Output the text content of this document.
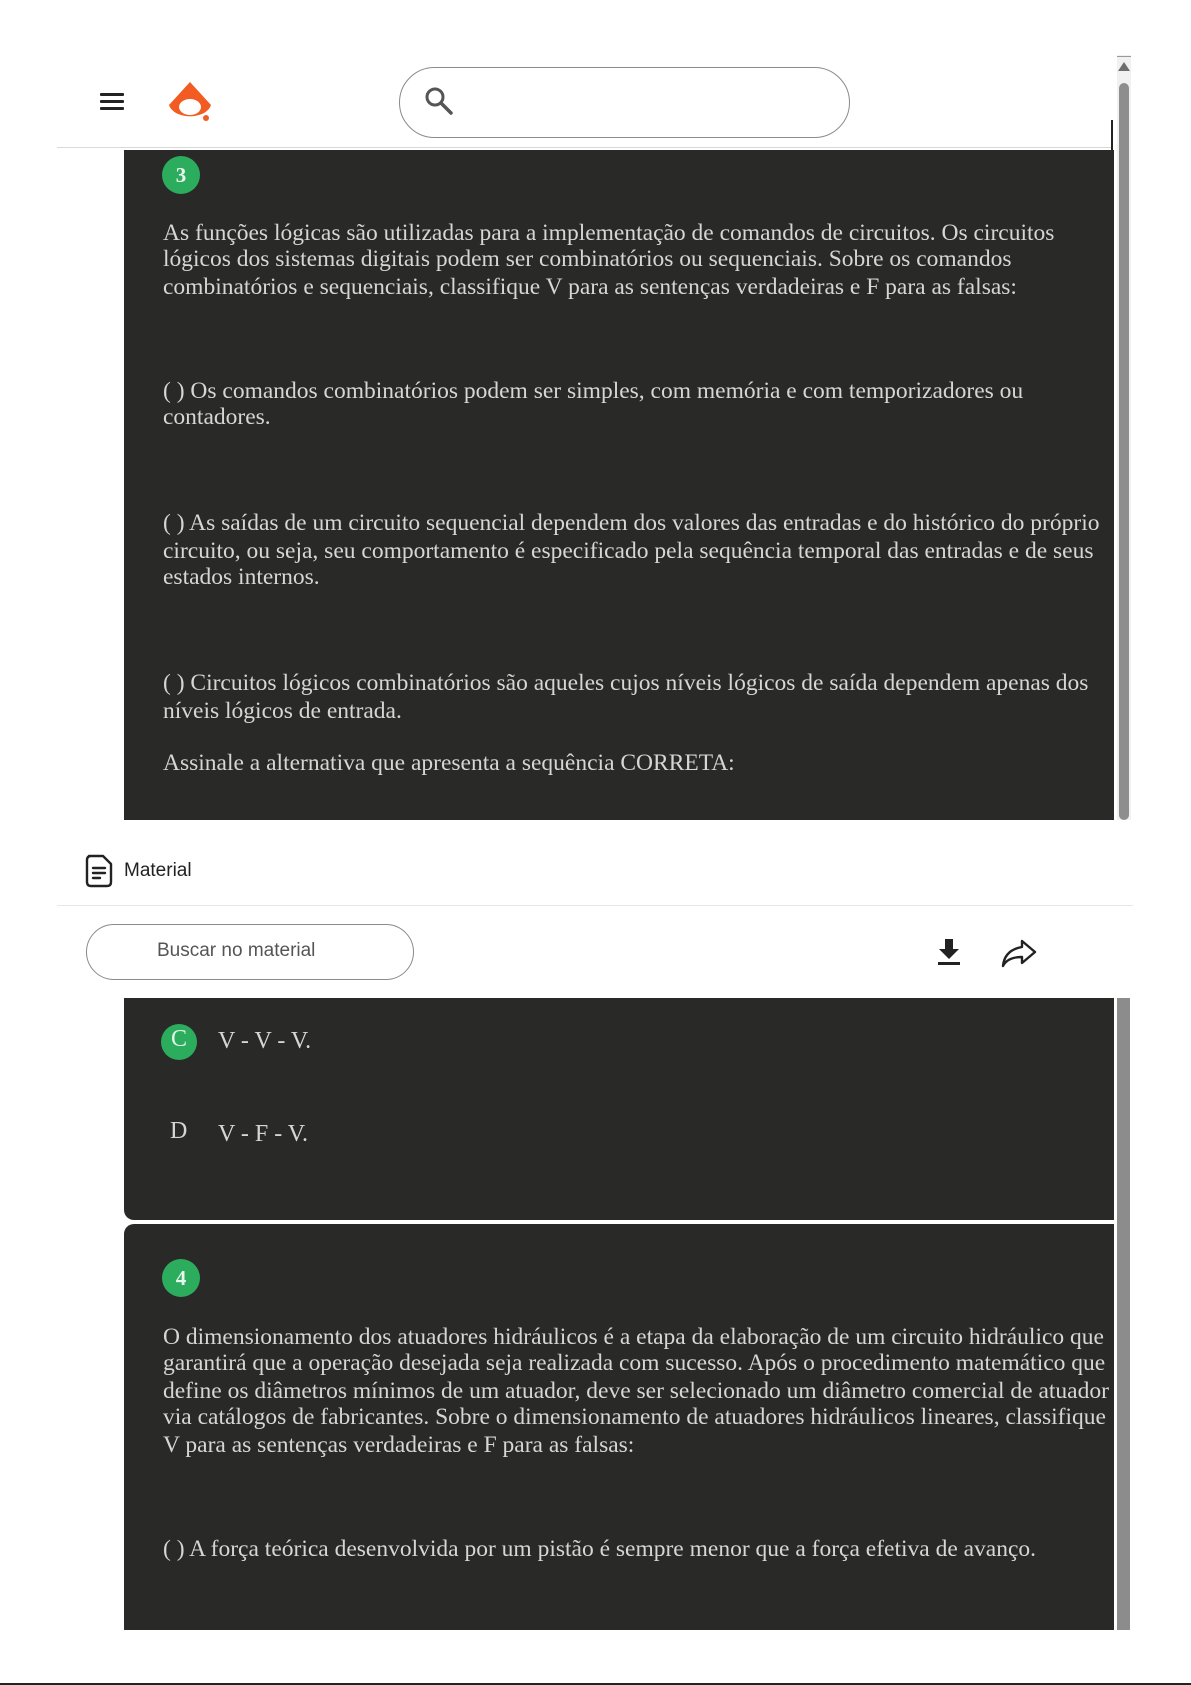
3
As funções lógicas são utilizadas para a implementação de comandos de circuitos. Os circuitos
lógicos dos sistemas digitais podem ser combinatórios ou sequenciais. Sobre os comandos
combinatórios e sequenciais, classifique V para as sentenças verdadeiras e F para as falsas:
( ) Os comandos combinatórios podem ser simples, com memória e com temporizadores ou
contadores.
( ) As saídas de um circuito sequencial dependem dos valores das entradas e do histórico do próprio
circuito, ou seja, seu comportamento é especificado pela sequência temporal das entradas e de seus
estados internos.
( ) Circuitos lógicos combinatórios são aqueles cujos níveis lógicos de saída dependem apenas dos
níveis lógicos de entrada.
Assinale a alternativa que apresenta a sequência CORRETA:
Material
Buscar no material
C	V - V - V.
D V - F - V.
4
O dimensionamento dos atuadores hidráulicos é a etapa da elaboração de um circuito hidráulico que
garantirá que a operação desejada seja realizada com sucesso. Após o procedimento matemático que
define os diâmetros mínimos de um atuador, deve ser selecionado um diâmetro comercial de atuador
via catálogos de fabricantes. Sobre o dimensionamento de atuadores hidráulicos lineares, classifique
V para as sentenças verdadeiras e F para as falsas:
( ) A força teórica desenvolvida por um pistão é sempre menor que a força efetiva de avanço.
